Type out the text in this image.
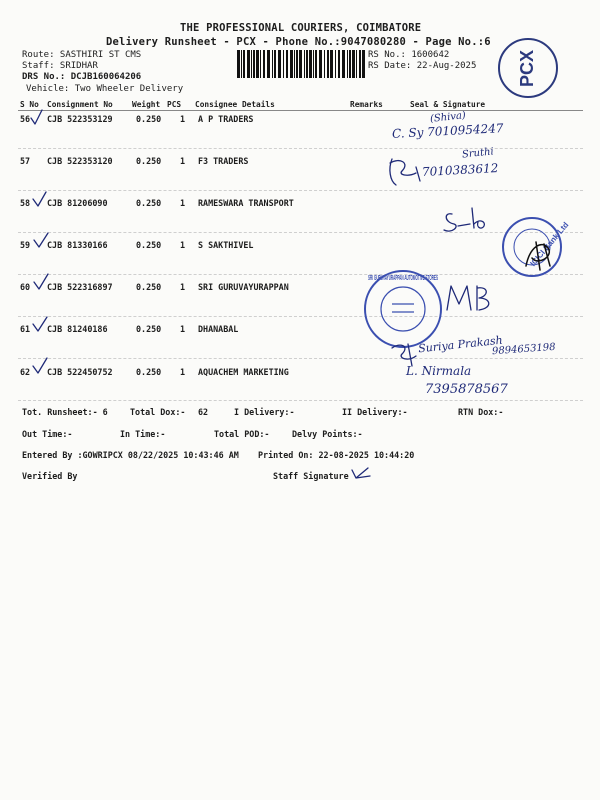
THE PROFESSIONAL COURIERS, COIMBATORE
Delivery Runsheet - PCX - Phone No.:9047080280 - Page No.:6
Route: SASTHIRI ST CMS
Staff: SRIDHAR
DRS No.: DCJB160064206
Vehicle: Two Wheeler Delivery
RS No.: 1600642
RS Date: 22-Aug-2025 PCX
S No Consignment No Weight PCS Consignee Details	Remarks	Seal & Signature
56 CJB 522353129	0.250 1 A P TRADERS
57 CJB 522353120	0.250 1 F3 TRADERS
58 CJB 81206090	0.250 1 RAMESWARA TRANSPORT
59 CJB 81330166	0.250 1 S SAKTHIVEL
60 CJB 522316897	0.250 1 SRI GURUVAYURAPPAN
61 CJB 81240186	0.250 1 DHANABAL
62 CJB 522450752	0.250 1 AQUACHEM MARKETING
(Shiva)
C. Sy 7010954247
Sruthi
7010383612
ICICI Bank Ltd
SRI GURUVAYURAPPAN AUTOMOTIVE STORES
Suriya Prakash
9894653198
L. Nirmala
7395878567
Tot. Runsheet:- 6	Total Dox:- 62	I Delivery:-	II Delivery:-	RTN Dox:-
Out Time:-	In Time:-	Total POD:-	Delvy Points:-
Entered By :GOWRIPCX 08/22/2025 10:43:46 AM Printed On: 22-08-2025 10:44:20
Verified By	Staff Signature
